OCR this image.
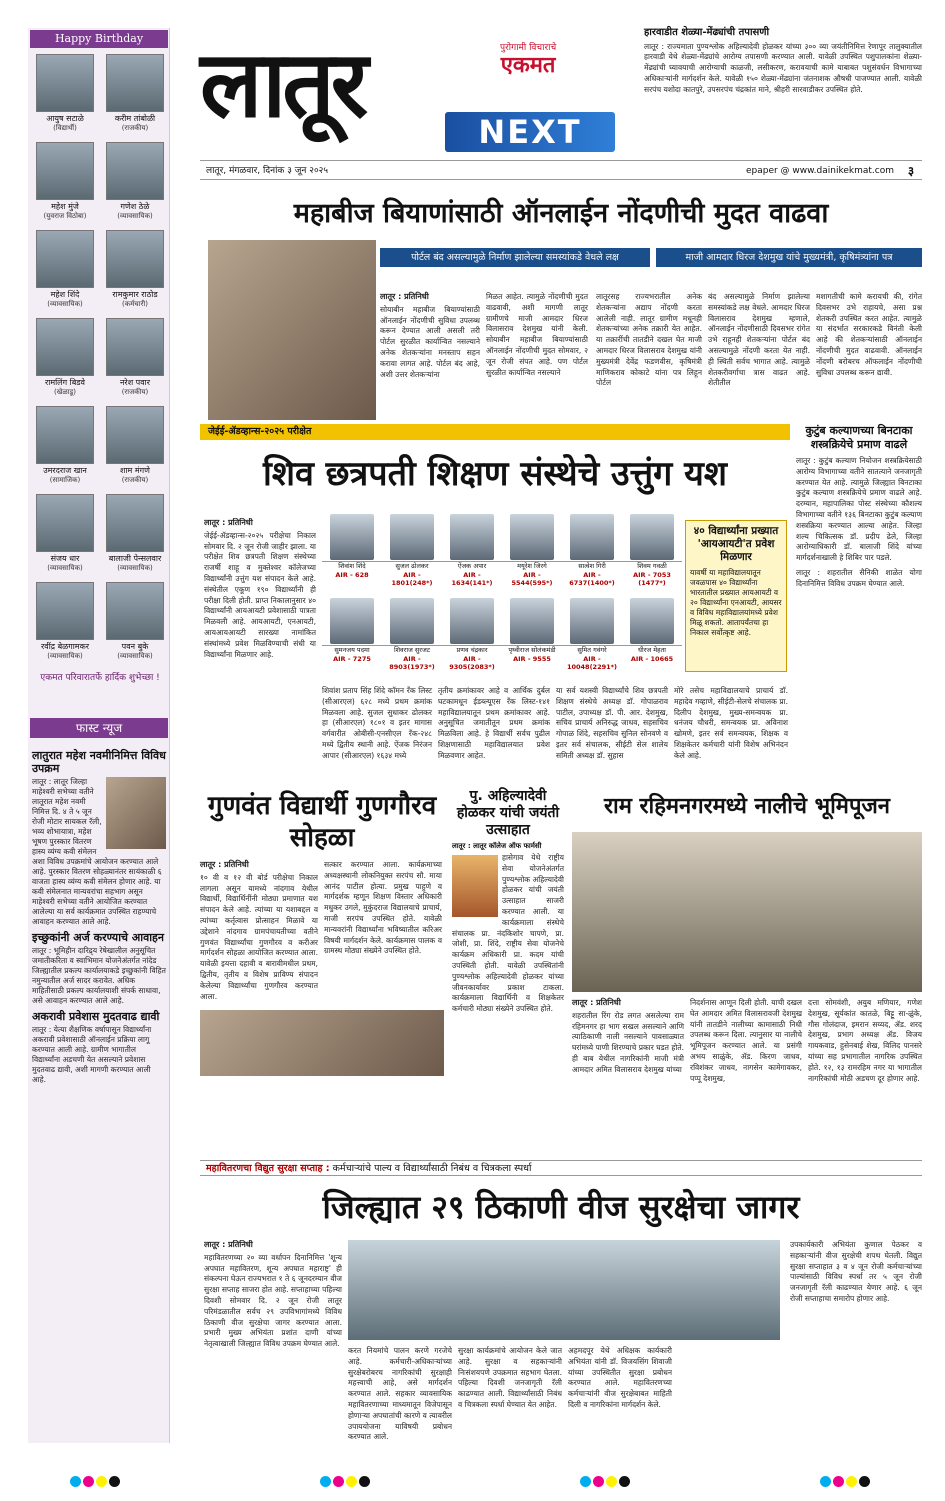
Happy Birthday
आयुष सटाळे
(विद्यार्थी)
करीम तांबोळी
(राजकीय)
महेश मुंजे
(युवराज विठोबा)
गणेश ठेळे
(व्यावसायिक)
महेश शिंदे
(व्यावसायिक)
रामकुमार राठोड
(कर्मचारी)
रामलिंग बिडवे
(खेळाडू)
नरेश पवार
(राजकीय)
उमरदराज खान
(सामाजिक)
शाम मंगणे
(राजकीय)
संजय धार
(व्यावसायिक)
बालाजी पेन्सलवार
(व्यावसायिक)
रवींद्र बेळगामकर
(व्यावसायिक)
पवन बुके
(व्यावसायिक)
एकमत परिवारातर्फे हार्दिक शुभेच्छा !
फास्ट न्यूज
लातुरात महेश नवमीनिमित्त विविध उपक्रम

लातूर : लातूर जिल्हा माहेश्वरी सभेच्या वतीने लातूरात महेश नवमी निमित्त दि. ४ ते ५ जून रोजी मोटार सायकल रॅली, भव्य शोभायात्रा, महेश भूषण पुरस्कार वितरण हास्य व्यंग्य कवी संमेलन अशा विविध उपक्रमांचे आयोजन करण्यात आले आहे. पुरस्कार वितरण सोहळ्यानंतर सायंकाळी ६ वाजता हास्य व्यंग्य कवी संमेलन होणार आहे. या कवी संमेलनात मान्यवरांचा सहभाग असून माहेश्वरी सभेच्या वतीने आयोजित करण्यात आलेल्या या सर्व कार्यक्रमात उपस्थित राहण्याचे आवाहन करण्यात आले आहे.

इच्छुकांनी अर्ज करण्याचे आवाहन

लातूर : भूमिहीन दारिद्र्य रेषेखालील अनुसूचित जमातीकरिता व स्वाभिमान योजनेअंतर्गत नांदेड जिल्ह्यातील प्रकल्प कार्यालयाकडे इच्छुकांनी विहित नमुन्यातील अर्ज सादर करावेत. अधिक माहितीसाठी प्रकल्प कार्यालयाशी संपर्क साधावा, असे आवाहन करण्यात आले आहे.

अकरावी प्रवेशास मुदतवाढ द्यावी

लातूर : येत्या शैक्षणिक वर्षापासून विद्यार्थ्यांना अकरावी प्रवेशासाठी ऑनलाईन प्रक्रिया लागू करण्यात आली आहे. ग्रामीण भागातील विद्यार्थ्यांना अडचणी येत असल्याने प्रवेशास मुदतवाढ द्यावी, अशी मागणी करण्यात आली आहे.

लातूर	पुरोगामी विचाराचे
एकमत
NEXT
हारवाडीत शेळ्या-मेंढ्यांची तपासणी

लातूर : राज्यमाता पुण्यश्लोक अहिल्यादेवी होळकर यांच्या ३०० व्या जयंतीनिमित्त रेणापूर तालुक्यातील हारवाडी येथे शेळ्या-मेंढ्यांचे आरोग्य तपासणी करण्यात आली. यावेळी उपस्थित पशुपालकांना शेळ्या-मेंढ्यांची घ्यावयाची आरोग्याची काळजी, लसीकरण, करावयाची कामे याबाबत पशुसंवर्धन विभागाच्या अधिकाऱ्यांनी मार्गदर्शन केले. यावेळी १५० शेळ्या-मेंढ्यांना जंतनाशक औषधी पाजण्यात आली. यावेळी सरपंच यशोदा कातपुरे, उपसरपंच चंद्रकांत माने, श्रीहरी सारवाडीकर उपस्थित होते.

लातूर, मंगळवार, दिनांक ३ जून २०२५	epaper @ www.dainikekmat.com	३
महाबीज बियाणांसाठी ऑनलाईन नोंदणीची मुदत वाढवा
पोर्टल बंद असल्यामुळे निर्माण झालेल्या समस्यांकडे वेधले लक्ष	माजी आमदार धिरज देशमुख यांचे मुख्यमंत्री, कृषिमंत्र्यांना पत्र
लातूर : प्रतिनिधी
सोयाबीन महाबीज बियाण्यांसाठी ऑनलाईन नोंदणीची सुविधा उपलब्ध करून देण्यात आली असली तरी पोर्टल सुरळीत कार्यान्वित नसल्याने अनेक शेतकऱ्यांना मनस्ताप सहन करावा लागत आहे. पोर्टल बंद आहे, अशी उत्तर शेतकऱ्यांना
मिळत आहेत. त्यामुळे नोंदणीची मुदत वाढवावी, अशी मागणी लातूर ग्रामीणचे माजी आमदार धिरज विलासराव देशमुख यांनी केली. सोयाबीन महाबीज बियाण्यांसाठी ऑनलाईन नोंदणीची मुदत सोमवार, २ जून रोजी संपत आहे. पण पोर्टल सुरळीत कार्यान्वित नसल्याने
लातूरसह राज्यभरातील अनेक शेतकऱ्यांना अद्याप नोंदणी करता आलेली नाही. लातूर ग्रामीण मधूनही शेतकऱ्यांच्या अनेक तक्रारी येत आहेत. या तक्रारींची तातडीने दखल घेत माजी आमदार धिरज विलासराव देशमुख यांनी मुख्यमंत्री देवेंद्र फडणवीस, कृषिमंत्री माणिकराव कोकाटे यांना पत्र लिहून पोर्टल
बंद असल्यामुळे निर्माण झालेल्या समस्यांकडे लक्ष वेधले. आमदार धिरज विलासराव देशमुख म्हणाले, ऑनलाईन नोंदणीसाठी दिवसभर रांगेत उभे राहूनही शेतकऱ्यांना पोर्टल बंद असल्यामुळे नोंदणी करता येत नाही. ही स्थिती सर्वच भागात आहे. त्यामुळे शेतकरीवर्गाचा त्रास वाढत आहे. शेतीतील
मशागतीची कामे करायची की, रांगेत दिवसभर उभे राहायचे, असा प्रश्न शेतकरी उपस्थित करत आहेत. त्यामुळे या संदर्भात सरकारकडे विनंती केली आहे की शेतकऱ्यांसाठी ऑनलाईन नोंदणीची मुदत वाढवावी. ऑनलाईन नोंदणी बरोबरच ऑफलाईन नोंदणीची सुविधा उपलब्ध करून द्यावी.
जेईई-ॲडव्हान्स-२०२५ परीक्षेत
शिव छत्रपती शिक्षण संस्थेचे उत्तुंग यश
लातूर : प्रतिनिधी
जेईई-ॲडव्हान्स-२०२५ परीक्षेचा निकाल सोमवार दि. २ जून रोजी जाहीर झाला. या परीक्षेत शिव छत्रपती शिक्षण संस्थेच्या राजर्षी शाहू व मुक्तेश्वर कॉलेजच्या विद्यार्थ्यांनी उत्तुंग यश संपादन केले आहे. संस्थेतील एकूण १९० विद्यार्थ्यांनी ही परीक्षा दिली होती. प्राप्त निकालानुसार ४० विद्यार्थ्यांनी आयआयटी प्रवेशासाठी पात्रता मिळवली आहे. आयआयटी, एनआयटी, आयआयआयटी सारख्या नामांकित संस्थांमध्ये प्रवेश मिळविण्याची संधी या विद्यार्थ्यांना मिळणार आहे.
शिवांश शिंदे
AIR - 628
सुजल ढोलकर
AIR - 1801(248*)
ऐंजक अपार
AIR - 1634(141*)
मयूरेश जिरगे
AIR - 5544(595*)
सात्वेश गिरी
AIR - 6737(1400*)
शिवम गवळी
AIR - 7053 (1477*)
सुमनजय पदमा
AIR - 7275
शिवराज सुरजट
AIR - 8903(1973*)
प्रणव चंद्रकार
AIR - 9305(2083*)
पृथ्वीराज सोलंकमंडी
AIR - 9555
सुमित गवंगरे
AIR - 10048(2291*)
धीरज मेहता
AIR - 10665
४० विद्यार्थ्यांना प्रख्यात 'आयआयटी'त प्रवेश मिळणार

यावर्षी या महाविद्यालयातून जवळपास ४० विद्यार्थ्यांना भारतातील प्रख्यात आयआयटी व २० विद्यार्थ्यांना एनआयटी, आयसर व विविध महाविद्यालयांमध्ये प्रवेश मिळू शकतो. आतापर्यंतचा हा निकाल सर्वोत्कृष्ट आहे.

शिवांश प्रताप सिंह शिंदे कॉमन रँक लिस्ट (सीआरएल) ६२८ मध्ये प्रथम क्रमांक मिळवला आहे. सुजल सुधाकर ढोलकर हा (सीआरएल) १८०१ व इतर मागास वर्गवारीत ओबीसी-एनसीएल रँक-२४८ मध्ये द्वितीय स्थानी आहे. ऐंजक निरंजन आपार (सीआरएल) १६३४ मध्ये
तृतीय क्रमांकावर आहे व आर्थिक दुर्बल घटकामधून ईडब्ल्यूएस रँक लिस्ट-१४१ महाविद्यालयातून प्रथम क्रमांकावर आहे. अनुसूचित जमातीतून प्रथम क्रमांक मिळविला आहे. हे विद्यार्थी सर्वच पुढील शिक्षणासाठी महाविद्यालयात प्रवेश मिळवणार आहेत.
या सर्व यशस्वी विद्यार्थ्यांचे शिव छत्रपती शिक्षण संस्थेचे अध्यक्ष डॉ. गोपाळराव पाटील, उपाध्यक्ष डॉ. पी. आर. देशमुख, सचिव प्राचार्य अनिरुद्ध जाधव, सहसचिव गोपाळ शिंदे, सहसचिव सुनिल सोनवणे व इतर सर्व संचालक, सीईटी सेल शालेय समिती अध्यक्ष डॉ. सुहास
मोरे तसेच महाविद्यालयाचे प्राचार्य डॉ. महादेव गव्हाणे, सीईटी-सेलचे संचालक प्रा. दिलीप देशमुख, मुख्य-समन्वयक प्रा. धनंजय चौधरी, समन्वयक प्रा. अविनाश खोमणे, इतर सर्व समन्वयक, शिक्षक व शिक्षकेतर कर्मचारी यांनी विशेष अभिनंदन केले आहे.
कुटुंब कल्याणच्या बिनटाका शस्त्रक्रियेचे प्रमाण वाढले

लातूर : कुटुंब कल्याण नियोजन शस्त्रक्रियेसाठी आरोग्य विभागाच्या वतीने सातत्याने जनजागृती करण्यात येत आहे. त्यामुळे जिल्ह्यात बिनटाका कुटुंब कल्याण शस्त्रक्रियेचे प्रमाण वाढले आहे. दरम्यान, महापालिका पोस्ट संस्थेच्या कौशल्य विभागाच्या वतीने १३६ बिनटाका कुटुंब कल्याण शस्त्रक्रिया करण्यात आल्या आहेत. जिल्हा शल्य चिकित्सक डॉ. प्रदीप ढेले, जिल्हा आरोग्याधिकारी डॉ. बालाजी शिंदे यांच्या मार्गदर्शनाखाली हे शिबिर पार पडले.

लातूर : शहरातील सैनिकी शाळेत योगा दिनानिमित्त विविध उपक्रम घेण्यात आले.

गुणवंत विद्यार्थी गुणगौरव सोहळा
लातूर : प्रतिनिधी
१० वी व १२ वी बोर्ड परीक्षेचा निकाल लागला असून यामध्ये नांदगाव येथील विद्यार्थी, विद्यार्थिनींनी मोठ्या प्रमाणात यश संपादन केले आहे. त्यांच्या या यशाबद्दल व त्यांच्या कर्तृत्वास प्रोत्साहन मिळावे या उद्देशाने नांदगाव ग्रामपंचायतीच्या वतीने गुणवंत विद्यार्थ्यांचा गुणगौरव व करीअर मार्गदर्शन सोहळा आयोजित करण्यात आला. यावेळी इयत्ता दहावी व बारावीमधील प्रथम, द्वितीय, तृतीय व विशेष प्राविण्य संपादन केलेल्या विद्यार्थ्यांचा गुणगौरव करण्यात आला.
सत्कार करण्यात आला. कार्यक्रमाच्या अध्यक्षस्थानी लोकनियुक्त सरपंच सौ. माया आनंद पाटील होत्या. प्रमुख पाहुणे व मार्गदर्शक म्हणून शिक्षण विस्तार अधिकारी मधुकर उगले, मुकुंदराज विद्यालयाचे प्राचार्य, माजी सरपंच उपस्थित होते. यावेळी मान्यवरांनी विद्यार्थ्यांना भविष्यातील करिअर विषयी मार्गदर्शन केले. कार्यक्रमास पालक व ग्रामस्थ मोठ्या संख्येने उपस्थित होते.
पु. अहिल्यादेवी होळकर यांची जयंती उत्साहात
लातूर : लातूर कॉलेज ऑफ फार्मसी

हासेगाव येथे राष्ट्रीय सेवा योजनेअंतर्गत पुण्यश्लोक अहिल्यादेवी होळकर यांची जयंती उत्साहात साजरी करण्यात आली. या कार्यक्रमाला संस्थेचे संचालक प्रा. नंदकिशोर चापणे, प्रा. जोशी, प्रा. शिंदे, राष्ट्रीय सेवा योजनेचे कार्यक्रम अधिकारी प्रा. कदम यांची उपस्थिती होती. यावेळी उपस्थितांनी पुण्यश्लोक अहिल्यादेवी होळकर यांच्या जीवनकार्यावर प्रकाश टाकला. कार्यक्रमाला विद्यार्थिनी व शिक्षकेतर कर्मचारी मोठ्या संख्येने उपस्थित होते.

राम रहिमनगरमध्ये नालीचे भूमिपूजन
लातूर : प्रतिनिधी
शहरातील रिंग रोड लगत असलेल्या राम रहिमनगर हा भाग सखल असल्याने आणि त्याठिकाणी नाली नसल्याने पावसाळ्यात घरांमध्ये पाणी शिरण्याचे प्रकार घडत होते. ही बाब येथील नागरिकांनी माजी मंत्री आमदार अमित विलासराव देशमुख यांच्या
निदर्शनास आणून दिली होती. याची दखल घेत आमदार अमित विलासरावजी देशमुख यांनी तातडीने नालीच्या कामासाठी निधी उपलब्ध करून दिला. त्यानुसार या नालीचे भूमिपूजन करण्यात आले. या प्रसंगी अभय साळुंके, ॲड. किरण जाधव, रविशंकर जाधव, नागसेन कामेगावकर, पप्पू देशमुख,
दत्ता सोमवंशी, अयुब मणियार, गणेश देशमुख, सूर्यकांत कातळे, बिट्टू सा-ळुंके, गौस गोलंदाज, इमरान सय्यद, ॲड. शरद देशमुख, प्रभाग अध्यक्ष ॲड. विजय गायकवाड, हुसेनबाई शेख, विलिद पानसरे यांच्या सह प्रभागातील नागरिक उपस्थित होते. १२, १३ रामरहिम नगर या भागातील नागरिकांची मोठी अडचण दूर होणार आहे.
महावितरणचा विद्युत सुरक्षा सप्ताह : कर्मचाऱ्यांचे पाल्य व विद्यार्थ्यांसाठी निबंध व चित्रकला स्पर्धा
जिल्ह्यात २९ ठिकाणी वीज सुरक्षेचा जागर
लातूर : प्रतिनिधी
महावितरणच्या २० व्या वर्धापन दिनानिमित्त 'शून्य अपघात महावितरण, शून्य अपघात महाराष्ट्र' ही संकल्पना घेऊन राज्यभरात १ ते ६ जूनदरम्यान वीज सुरक्षा सप्ताह साजरा होत आहे. सप्ताहाच्या पहिल्या दिवशी सोमवार दि. २ जून रोजी लातूर परिमंडळातील सर्वच २९ उपविभागांमध्ये विविध ठिकाणी वीज सुरक्षेचा जागर करण्यात आला. प्रभारी मुख्य अभियंता प्रशांत दाणी यांच्या नेतृत्वाखाली जिल्ह्यात विविध उपक्रम घेण्यात आले.
करत नियमांचे पालन करणे गरजेचे आहे. कर्मचारी-अधिकाऱ्यांच्या सुरक्षेबरोबरच नागरिकांची सुरक्षाही महत्त्वाची आहे, असे मार्गदर्शन करण्यात आले. सहकार व्यावसायिक महावितरणाच्या माध्यमातून विजेपासून होणाऱ्या अपघातांची कारणे व त्यावरील उपाययोजना याविषयी प्रबोधन करण्यात आले.
सुरक्षा कार्यक्रमांचे आयोजन केले जात आहे. सुरक्षा व सहकाऱ्यांनी निःसंशयपणे उपक्रमात सहभाग घेतला. पहिल्या दिवशी जनजागृती रॅली काढण्यात आली. विद्यार्थ्यांसाठी निबंध व चित्रकला स्पर्धा घेण्यात येत आहेत.
अहमदपूर येथे अधिक्षक कार्यकारी अभियंता यांनी डॉ. विजयसिंग शिवाजी यांच्या उपस्थितीत सुरक्षा प्रबोधन करण्यात आले. महावितरणच्या कर्मचाऱ्यांनी वीज सुरक्षेबाबत माहिती दिली व नागरिकांना मार्गदर्शन केले.
उपकार्यकारी अभियंता कुणाल पेठकर व सहकाऱ्यांनी वीज सुरक्षेची शपथ घेतली. विद्युत सुरक्षा सप्ताहात ३ व ४ जून रोजी कर्मचाऱ्यांच्या पाल्यांसाठी विविध स्पर्धा तर ५ जून रोजी जनजागृती रॅली काढण्यात येणार आहे. ६ जून रोजी सप्ताहाचा समारोप होणार आहे.
